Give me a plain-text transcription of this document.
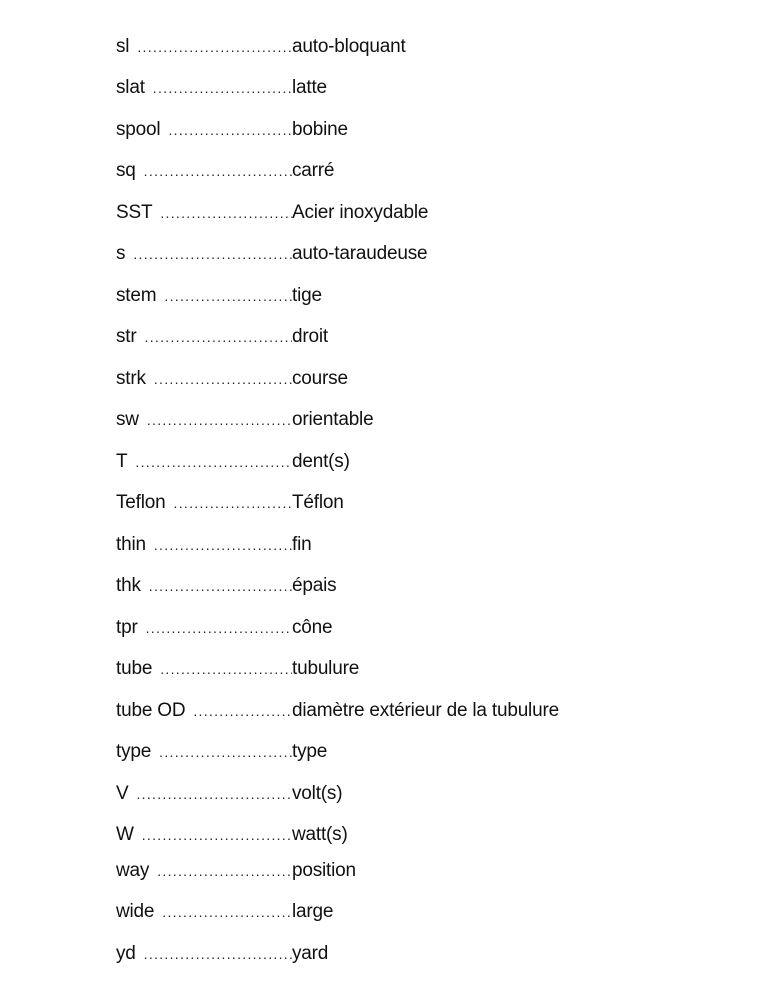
sl .....	auto-bloquant
slat .....	latte
spool .....	bobine
sq .....	carré
SST .....	Acier inoxydable
s .....	auto-taraudeuse
stem .....	tige
str .....	droit
strk .....	course
sw .....	orientable
T .....	dent(s)
Teflon .....	Téflon
thin .....	fin
thk .....	épais
tpr .....	cône
tube .....	tubulure
tube OD .....	diamètre extérieur de la tubulure
type .....	type
V .....	volt(s)
W .....	watt(s)
way .....	position
wide .....	large
yd .....	yard
